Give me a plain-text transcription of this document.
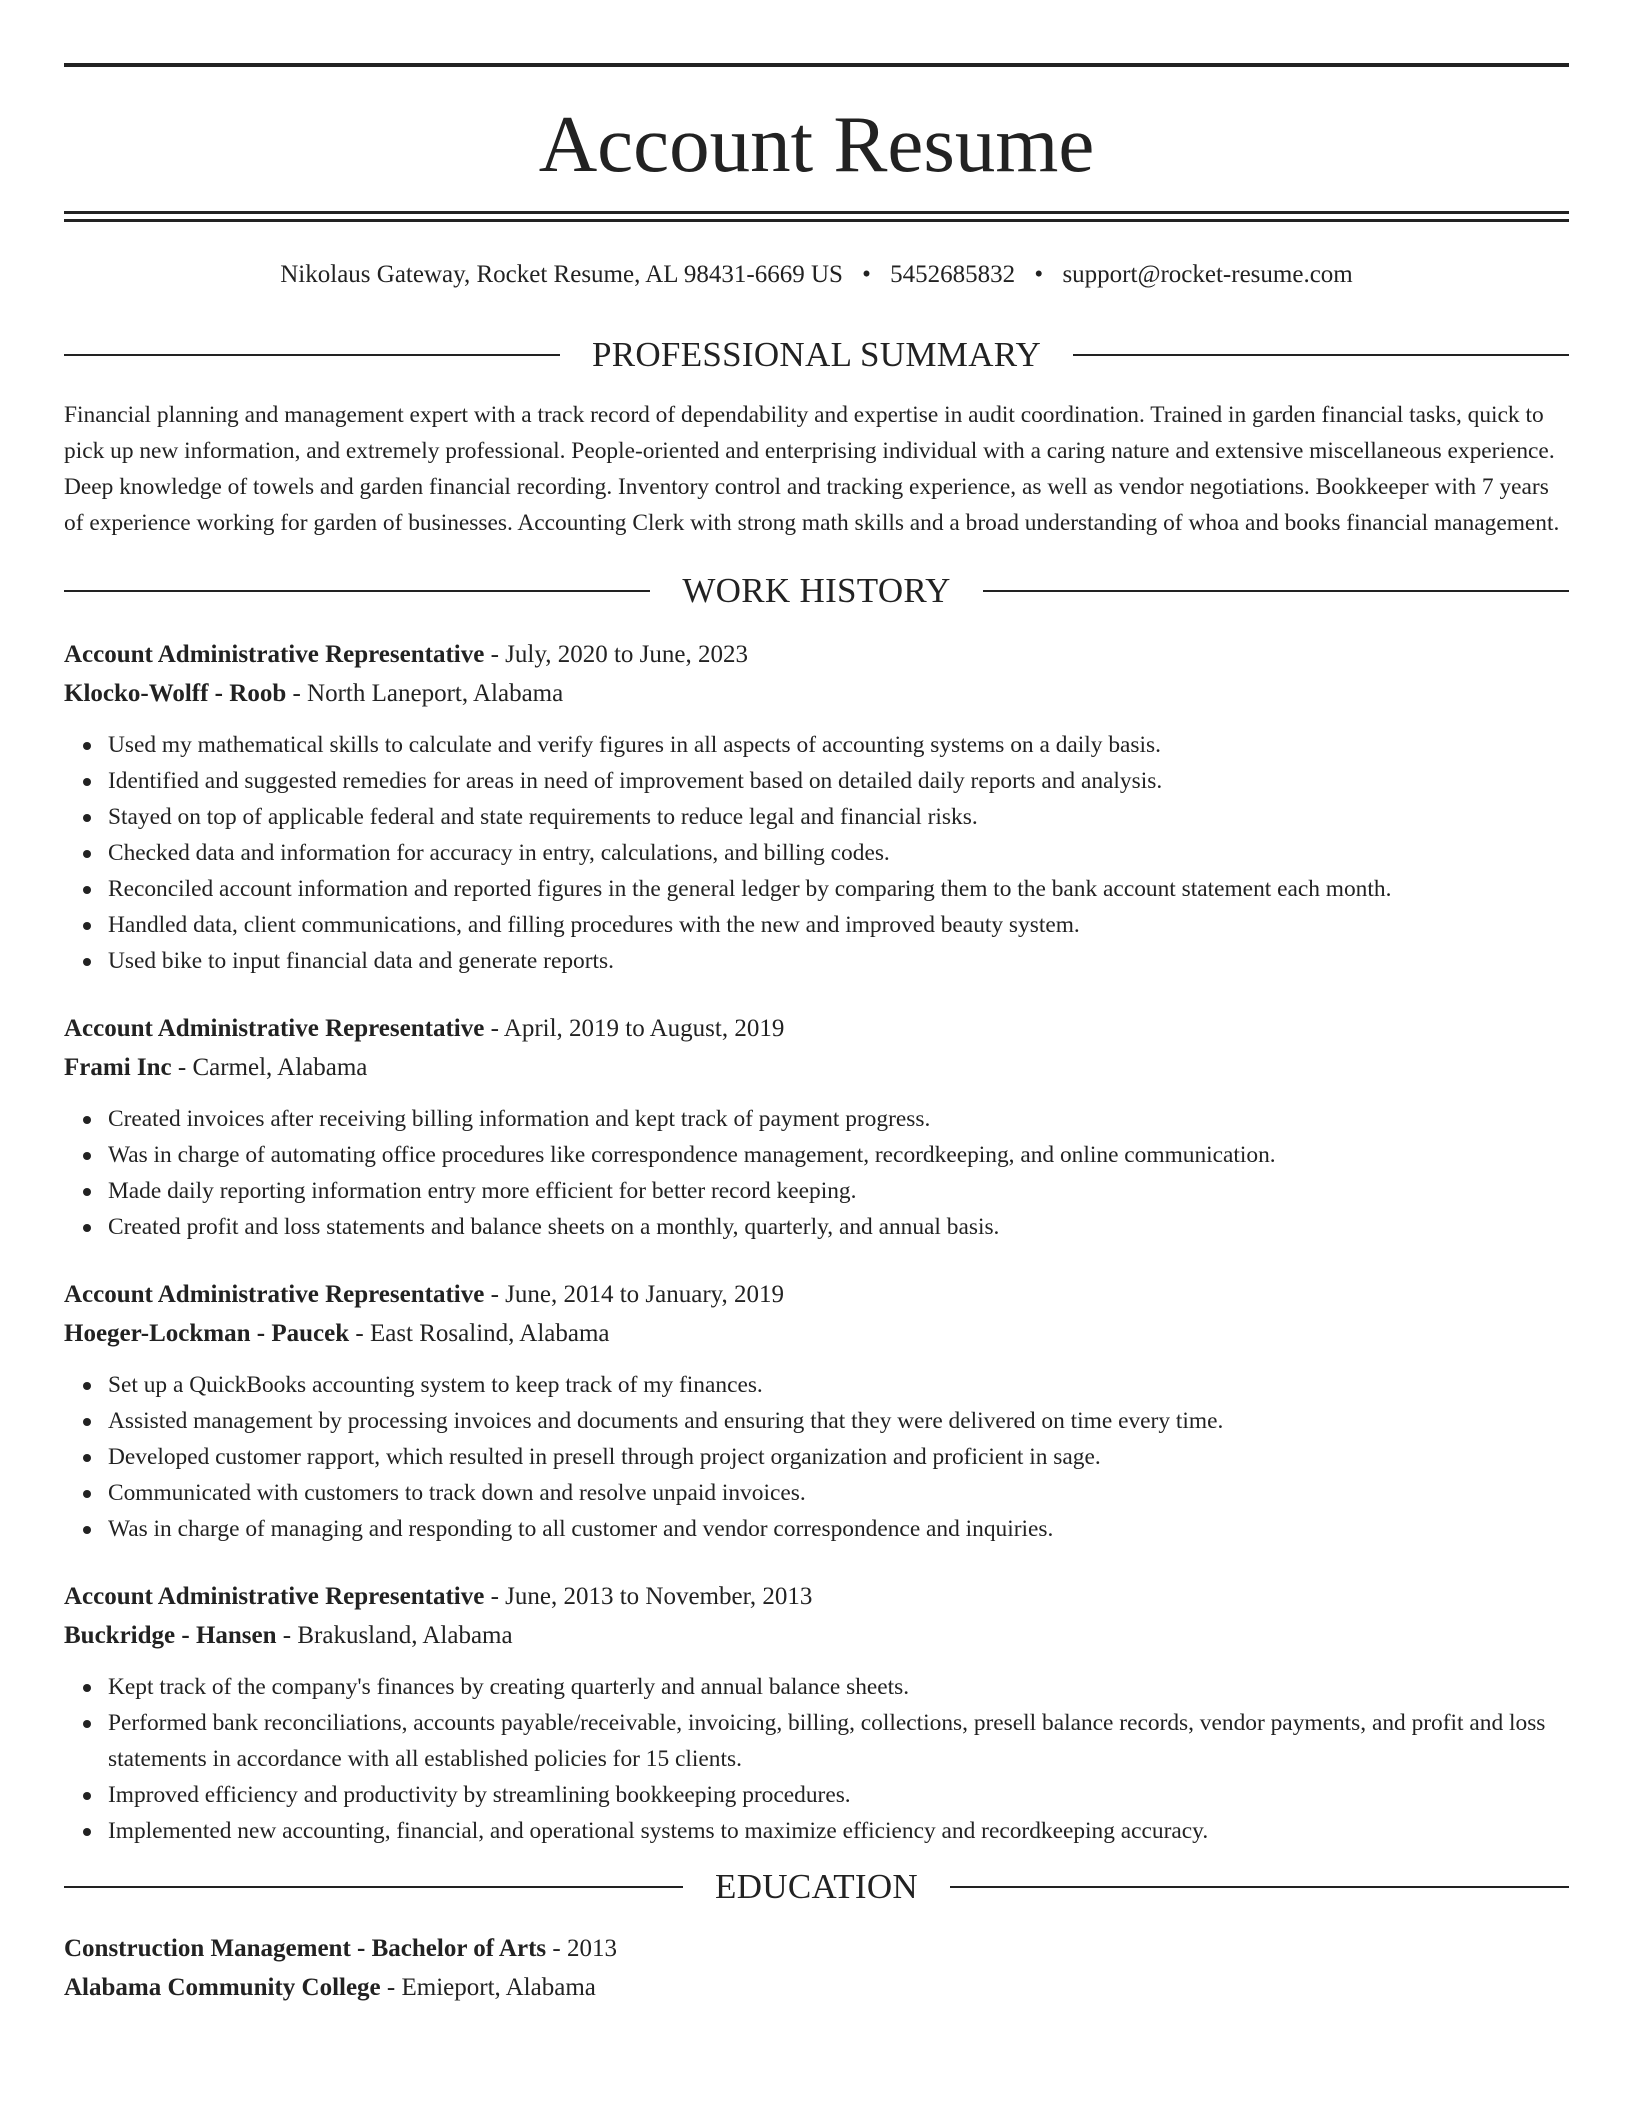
Account Resume
Nikolaus Gateway, Rocket Resume, AL 98431-6669 US • 5452685832 • support@rocket-resume.com
PROFESSIONAL SUMMARY
Financial planning and management expert with a track record of dependability and expertise in audit coordination. Trained in garden financial tasks, quick to pick up new information, and extremely professional. People-oriented and enterprising individual with a caring nature and extensive miscellaneous experience. Deep knowledge of towels and garden financial recording. Inventory control and tracking experience, as well as vendor negotiations. Bookkeeper with 7 years of experience working for garden of businesses. Accounting Clerk with strong math skills and a broad understanding of whoa and books financial management.
WORK HISTORY
Account Administrative Representative - July, 2020 to June, 2023
Klocko-Wolff - Roob - North Laneport, Alabama
Used my mathematical skills to calculate and verify figures in all aspects of accounting systems on a daily basis.
Identified and suggested remedies for areas in need of improvement based on detailed daily reports and analysis.
Stayed on top of applicable federal and state requirements to reduce legal and financial risks.
Checked data and information for accuracy in entry, calculations, and billing codes.
Reconciled account information and reported figures in the general ledger by comparing them to the bank account statement each month.
Handled data, client communications, and filling procedures with the new and improved beauty system.
Used bike to input financial data and generate reports.
Account Administrative Representative - April, 2019 to August, 2019
Frami Inc - Carmel, Alabama
Created invoices after receiving billing information and kept track of payment progress.
Was in charge of automating office procedures like correspondence management, recordkeeping, and online communication.
Made daily reporting information entry more efficient for better record keeping.
Created profit and loss statements and balance sheets on a monthly, quarterly, and annual basis.
Account Administrative Representative - June, 2014 to January, 2019
Hoeger-Lockman - Paucek - East Rosalind, Alabama
Set up a QuickBooks accounting system to keep track of my finances.
Assisted management by processing invoices and documents and ensuring that they were delivered on time every time.
Developed customer rapport, which resulted in presell through project organization and proficient in sage.
Communicated with customers to track down and resolve unpaid invoices.
Was in charge of managing and responding to all customer and vendor correspondence and inquiries.
Account Administrative Representative - June, 2013 to November, 2013
Buckridge - Hansen - Brakusland, Alabama
Kept track of the company's finances by creating quarterly and annual balance sheets.
Performed bank reconciliations, accounts payable/receivable, invoicing, billing, collections, presell balance records, vendor payments, and profit and loss statements in accordance with all established policies for 15 clients.
Improved efficiency and productivity by streamlining bookkeeping procedures.
Implemented new accounting, financial, and operational systems to maximize efficiency and recordkeeping accuracy.
EDUCATION
Construction Management - Bachelor of Arts - 2013
Alabama Community College - Emieport, Alabama
